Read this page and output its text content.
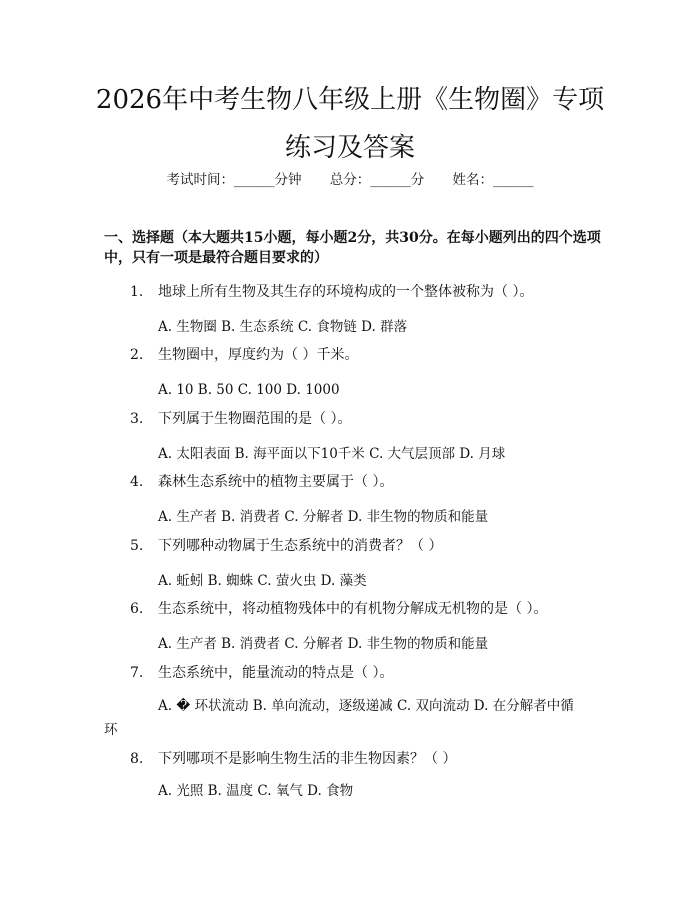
2026年中考生物八年级上册《生物圈》专项
练习及答案
考试时间：______分钟 总分：______分 姓名：______
一、选择题（本大题共15小题，每小题2分，共30分。在每小题列出的四个选项中，只有一项是最符合题目要求的）
1. 地球上所有生物及其生存的环境构成的一个整体被称为（ ）。
A. 生物圈 B. 生态系统 C. 食物链 D. 群落
2. 生物圈中，厚度约为（ ）千米。
A. 10 B. 50 C. 100 D. 1000
3. 下列属于生物圈范围的是（ ）。
A. 太阳表面 B. 海平面以下10千米 C. 大气层顶部 D. 月球
4. 森林生态系统中的植物主要属于（ ）。
A. 生产者 B. 消费者 C. 分解者 D. 非生物的物质和能量
5. 下列哪种动物属于生态系统中的消费者？（ ）
A. 蚯蚓 B. 蜘蛛 C. 萤火虫 D. 藻类
6. 生态系统中，将动植物残体中的有机物分解成无机物的是（ ）。
A. 生产者 B. 消费者 C. 分解者 D. 非生物的物质和能量
7. 生态系统中，能量流动的特点是（ ）。
A. � 环状流动 B. 单向流动，逐级递减 C. 双向流动 D. 在分解者中循
环
8. 下列哪项不是影响生物生活的非生物因素？（ ）
A. 光照 B. 温度 C. 氧气 D. 食物
